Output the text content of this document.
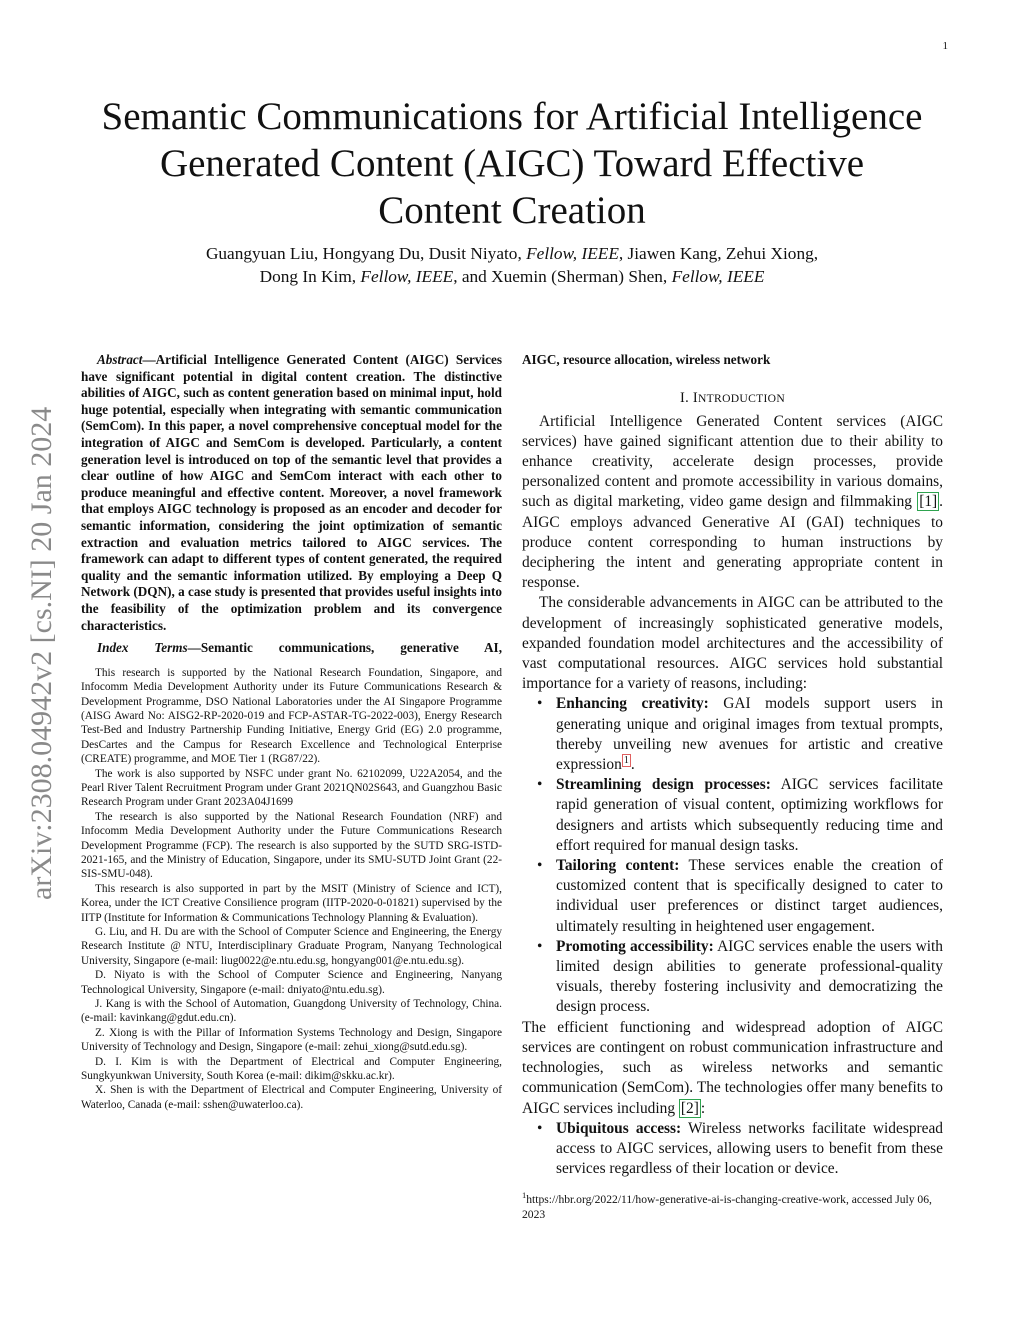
1
arXiv:2308.04942v2 [cs.NI] 20 Jan 2024
Semantic Communications for Artificial Intelligence
Generated Content (AIGC) Toward Effective
Content Creation
Guangyuan Liu, Hongyang Du, Dusit Niyato, Fellow, IEEE, Jiawen Kang, Zehui Xiong,
Dong In Kim, Fellow, IEEE, and Xuemin (Sherman) Shen, Fellow, IEEE

Abstract—Artificial Intelligence Generated Content (AIGC) Services have significant potential in digital content creation. The distinctive abilities of AIGC, such as content generation based on minimal input, hold huge potential, especially when integrating with semantic communication (SemCom). In this paper, a novel comprehensive conceptual model for the integration of AIGC and SemCom is developed. Particularly, a content generation level is introduced on top of the semantic level that provides a clear outline of how AIGC and SemCom interact with each other to produce meaningful and effective content. Moreover, a novel framework that employs AIGC technology is proposed as an encoder and decoder for semantic information, considering the joint optimization of semantic extraction and evaluation metrics tailored to AIGC services. The framework can adapt to different types of content generated, the required quality and the semantic information utilized. By employing a Deep Q Network (DQN), a case study is presented that provides useful insights into the feasibility of the optimization problem and its convergence characteristics.

Index Terms—Semantic communications, generative AI,

This research is supported by the National Research Foundation, Singapore, and Infocomm Media Development Authority under its Future Communications Research & Development Programme, DSO National Laboratories under the AI Singapore Programme (AISG Award No: AISG2-RP-2020-019 and FCP-ASTAR-TG-2022-003), Energy Research Test-Bed and Industry Partnership Funding Initiative, Energy Grid (EG) 2.0 programme, DesCartes and the Campus for Research Excellence and Technological Enterprise (CREATE) programme, and MOE Tier 1 (RG87/22).

The work is also supported by NSFC under grant No. 62102099, U22A2054, and the Pearl River Talent Recruitment Program under Grant 2021QN02S643, and Guangzhou Basic Research Program under Grant 2023A04J1699

The research is also supported by the National Research Foundation (NRF) and Infocomm Media Development Authority under the Future Communications Research Development Programme (FCP). The research is also supported by the SUTD SRG-ISTD-2021-165, and the Ministry of Education, Singapore, under its SMU-SUTD Joint Grant (22-SIS-SMU-048).

This research is also supported in part by the MSIT (Ministry of Science and ICT), Korea, under the ICT Creative Consilience program (IITP-2020-0-01821) supervised by the IITP (Institute for Information & Communications Technology Planning & Evaluation).

G. Liu, and H. Du are with the School of Computer Science and Engineering, the Energy Research Institute @ NTU, Interdisciplinary Graduate Program, Nanyang Technological University, Singapore (e-mail: liug0022@e.ntu.edu.sg, hongyang001@e.ntu.edu.sg).

D. Niyato is with the School of Computer Science and Engineering, Nanyang Technological University, Singapore (e-mail: dniyato@ntu.edu.sg).

J. Kang is with the School of Automation, Guangdong University of Technology, China. (e-mail: kavinkang@gdut.edu.cn).

Z. Xiong is with the Pillar of Information Systems Technology and Design, Singapore University of Technology and Design, Singapore (e-mail: zehui_xiong@sutd.edu.sg).

D. I. Kim is with the Department of Electrical and Computer Engineering, Sungkyunkwan University, South Korea (e-mail: dikim@skku.ac.kr).

X. Shen is with the Department of Electrical and Computer Engineering, University of Waterloo, Canada (e-mail: sshen@uwaterloo.ca).

AIGC, resource allocation, wireless network

I. INTRODUCTION

Artificial Intelligence Generated Content services (AIGC services) have gained significant attention due to their ability to enhance creativity, accelerate design processes, provide personalized content and promote accessibility in various domains, such as digital marketing, video game design and filmmaking [1] . AIGC employs advanced Generative AI (GAI) techniques to produce content corresponding to human instructions by deciphering the intent and generating appropriate content in response.

The considerable advancements in AIGC can be attributed to the development of increasingly sophisticated generative models, expanded foundation model architectures and the accessibility of vast computational resources. AIGC services hold substantial importance for a variety of reasons, including:

• Enhancing creativity: GAI models support users in generating unique and original images from textual prompts, thereby unveiling new avenues for artistic and creative expression $^1$ .
• Streamlining design processes: AIGC services facilitate rapid generation of visual content, optimizing workflows for designers and artists which subsequently reducing time and effort required for manual design tasks.
• Tailoring content: These services enable the creation of customized content that is specifically designed to cater to individual user preferences or distinct target audiences, ultimately resulting in heightened user engagement.
• Promoting accessibility: AIGC services enable the users with limited design abilities to generate professional-quality visuals, thereby fostering inclusivity and democratizing the design process.

The efficient functioning and widespread adoption of AIGC services are contingent on robust communication infrastructure and technologies, such as wireless networks and semantic communication (SemCom). The technologies offer many benefits to AIGC services including [2] :

• Ubiquitous access: Wireless networks facilitate widespread access to AIGC services, allowing users to benefit from these services regardless of their location or device.
$^1$https://hbr.org/2022/11/how-generative-ai-is-changing-creative-work, accessed July 06, 2023
